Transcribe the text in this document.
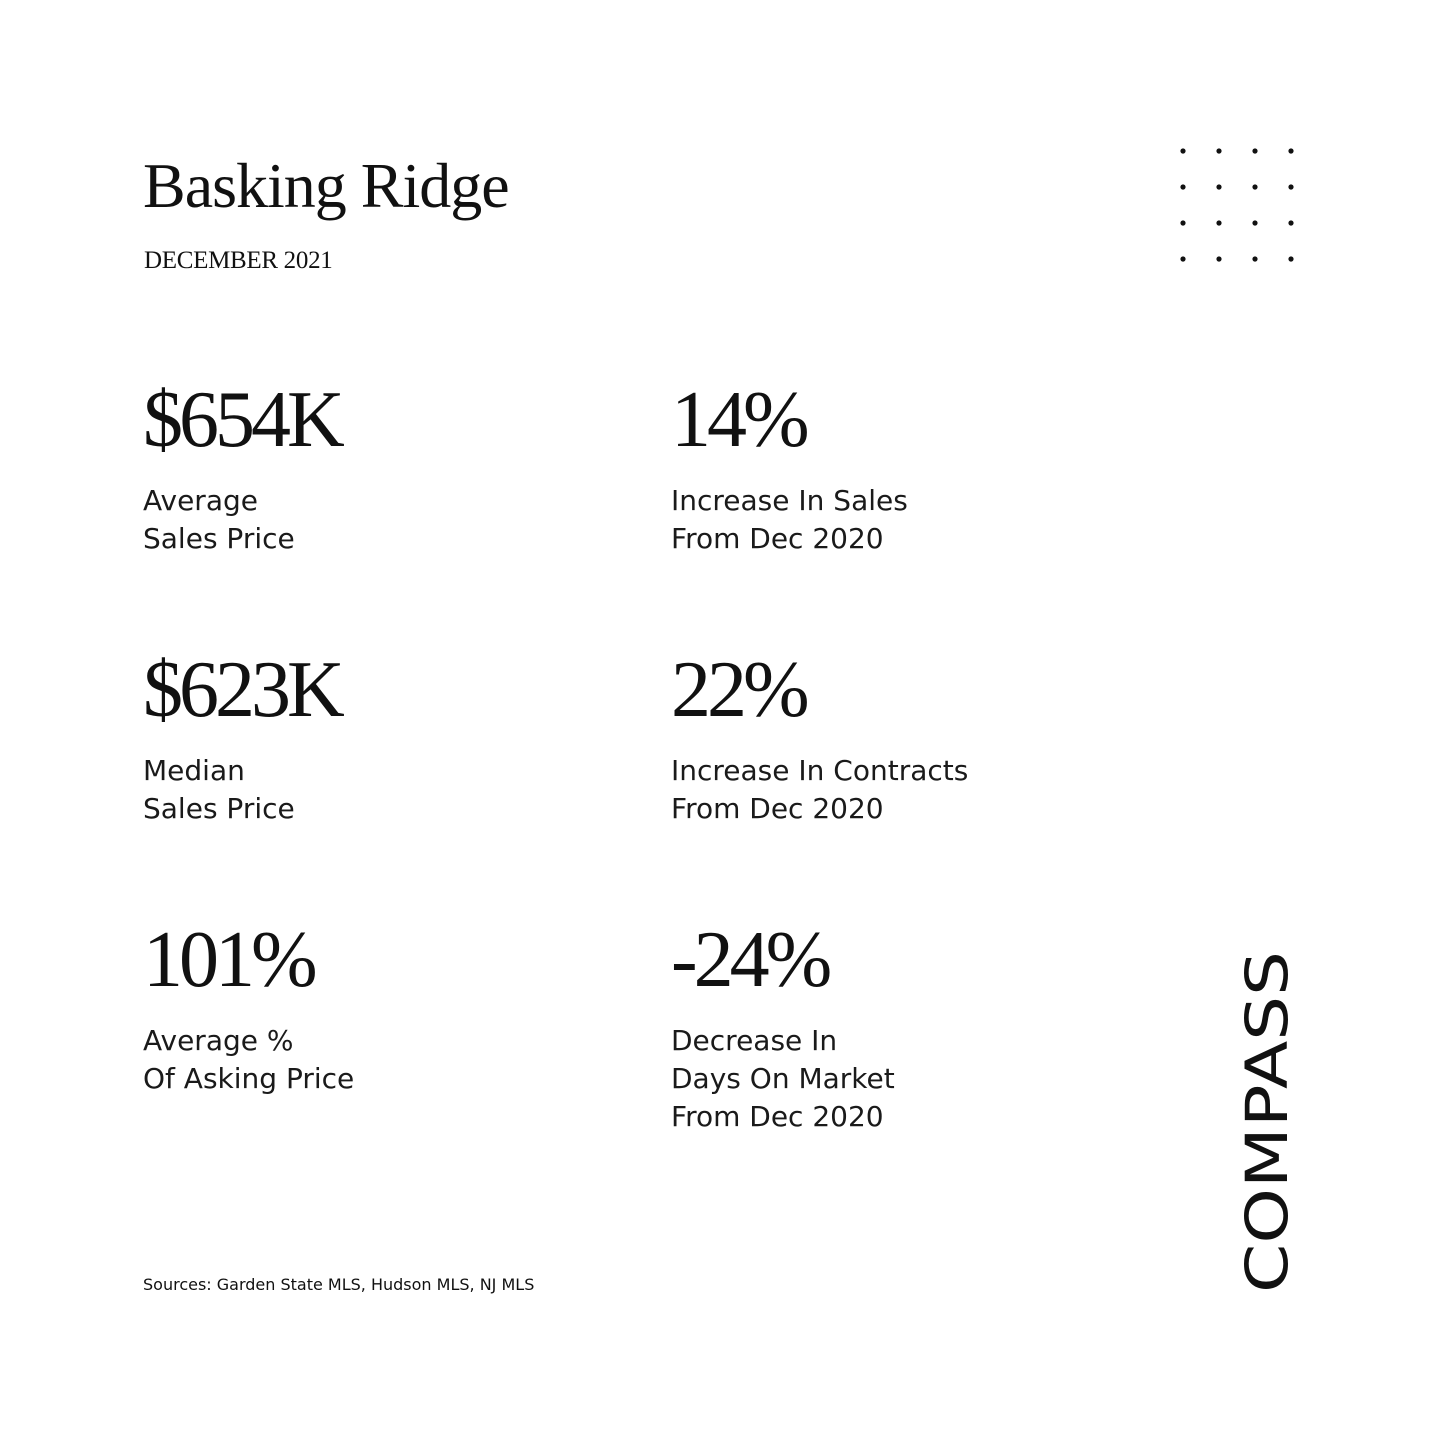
Basking Ridge
DECEMBER 2021
$654K
Average
Sales Price
$623K
Median
Sales Price
101%
Average %
Of Asking Price
14%
Increase In Sales
From Dec 2020
22%
Increase In Contracts
From Dec 2020
-24%
Decrease In
Days On Market
From Dec 2020
Sources: Garden State MLS, Hudson MLS, NJ MLS	COMPASS
